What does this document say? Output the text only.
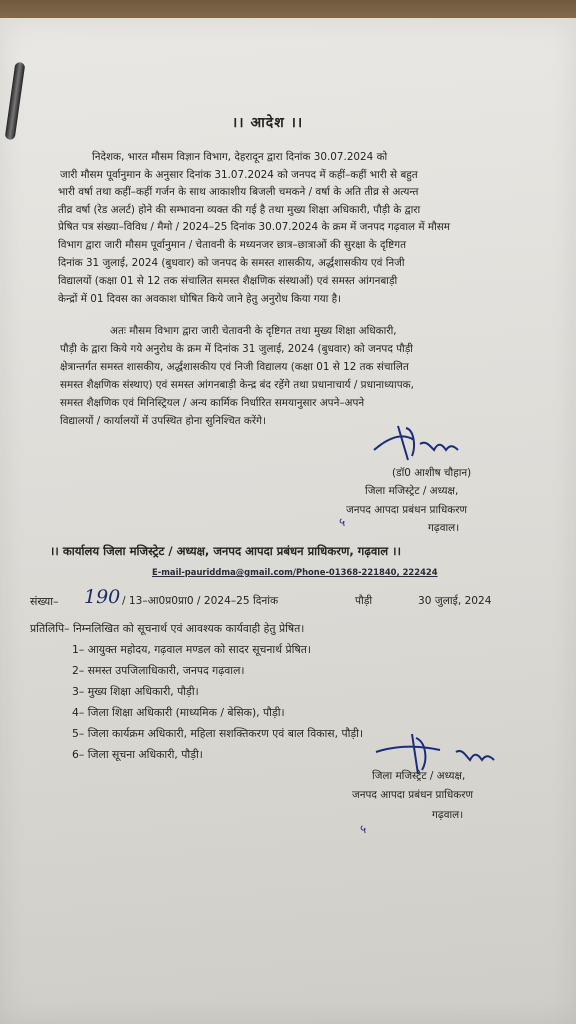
।। आदेश ।।
निदेशक, भारत मौसम विज्ञान विभाग, देहरादून द्वारा दिनांक 30.07.2024 को
जारी मौसम पूर्वानुमान के अनुसार दिनांक 31.07.2024 को जनपद में कहीं–कहीं भारी से बहुत
भारी वर्षा तथा कहीं–कहीं गर्जन के साथ आकाशीय बिजली चमकने / वर्षा के अति तीव्र से अत्यन्त
तीव्र वर्षा (रेड अलर्ट) होने की सम्भावना व्यक्त की गई है तथा मुख्य शिक्षा अधिकारी, पौड़ी के द्वारा
प्रेषित पत्र संख्या–विविध / मैमो / 2024–25 दिनांक 30.07.2024 के क्रम में जनपद गढ़वाल में मौसम
विभाग द्वारा जारी मौसम पूर्वानुमान / चेतावनी के मध्यनजर छात्र–छात्राओं की सुरक्षा के दृष्टिगत
दिनांक 31 जुलाई, 2024 (बुधवार) को जनपद के समस्त शासकीय, अर्द्धशासकीय एवं निजी
विद्यालयों (कक्षा 01 से 12 तक संचालित समस्त शैक्षणिक संस्थाओं) एवं समस्त आंगनबाड़ी
केन्द्रों में 01 दिवस का अवकाश घोषित किये जाने हेतु अनुरोध किया गया है।
अतः मौसम विभाग द्वारा जारी चेतावनी के दृष्टिगत तथा मुख्य शिक्षा अधिकारी,
पौड़ी के द्वारा किये गये अनुरोध के क्रम में दिनांक 31 जुलाई, 2024 (बुधवार) को जनपद पौड़ी
क्षेत्रान्तर्गत समस्त शासकीय, अर्द्धशासकीय एवं निजी विद्यालय (कक्षा 01 से 12 तक संचालित
समस्त शैक्षणिक संस्थाए) एवं समस्त आंगनबाड़ी केन्द्र बंद रहेंगे तथा प्रधानाचार्य / प्रधानाध्यापक,
समस्त शैक्षणिक एवं मिनिस्ट्रियल / अन्य कार्मिक निर्धारित समयानुसार अपने–अपने
विद्यालयों / कार्यालयों में उपस्थित होना सुनिश्चित करेंगे।
(डॉ0 आशीष चौहान)
जिला मजिस्ट्रेट / अध्यक्ष,
जनपद आपदा प्रबंधन प्राधिकरण
गढ़वाल।
५
।। कार्यालय जिला मजिस्ट्रेट / अध्यक्ष, जनपद आपदा प्रबंधन प्राधिकरण, गढ़वाल ।।
E-mail-pauriddma@gmail.com/Phone-01368-221840, 222424
संख्या– 190 / 13–आ0प्र0प्रा0 / 2024–25 दिनांक	पौड़ी	30 जुलाई, 2024
प्रतिलिपि– निम्नलिखित को सूचनार्थ एवं आवश्यक कार्यवाही हेतु प्रेषित।
1– आयुक्त महोदय, गढ़वाल मण्डल को सादर सूचनार्थ प्रेषित।
2– समस्त उपजिलाधिकारी, जनपद गढ़वाल।
3– मुख्य शिक्षा अधिकारी, पौड़ी।
4– जिला शिक्षा अधिकारी (माध्यमिक / बेसिक), पौड़ी।
5– जिला कार्यक्रम अधिकारी, महिला सशक्तिकरण एवं बाल विकास, पौड़ी।
6– जिला सूचना अधिकारी, पौड़ी।
जिला मजिस्ट्रेट / अध्यक्ष,
जनपद आपदा प्रबंधन प्राधिकरण
गढ़वाल।
५
